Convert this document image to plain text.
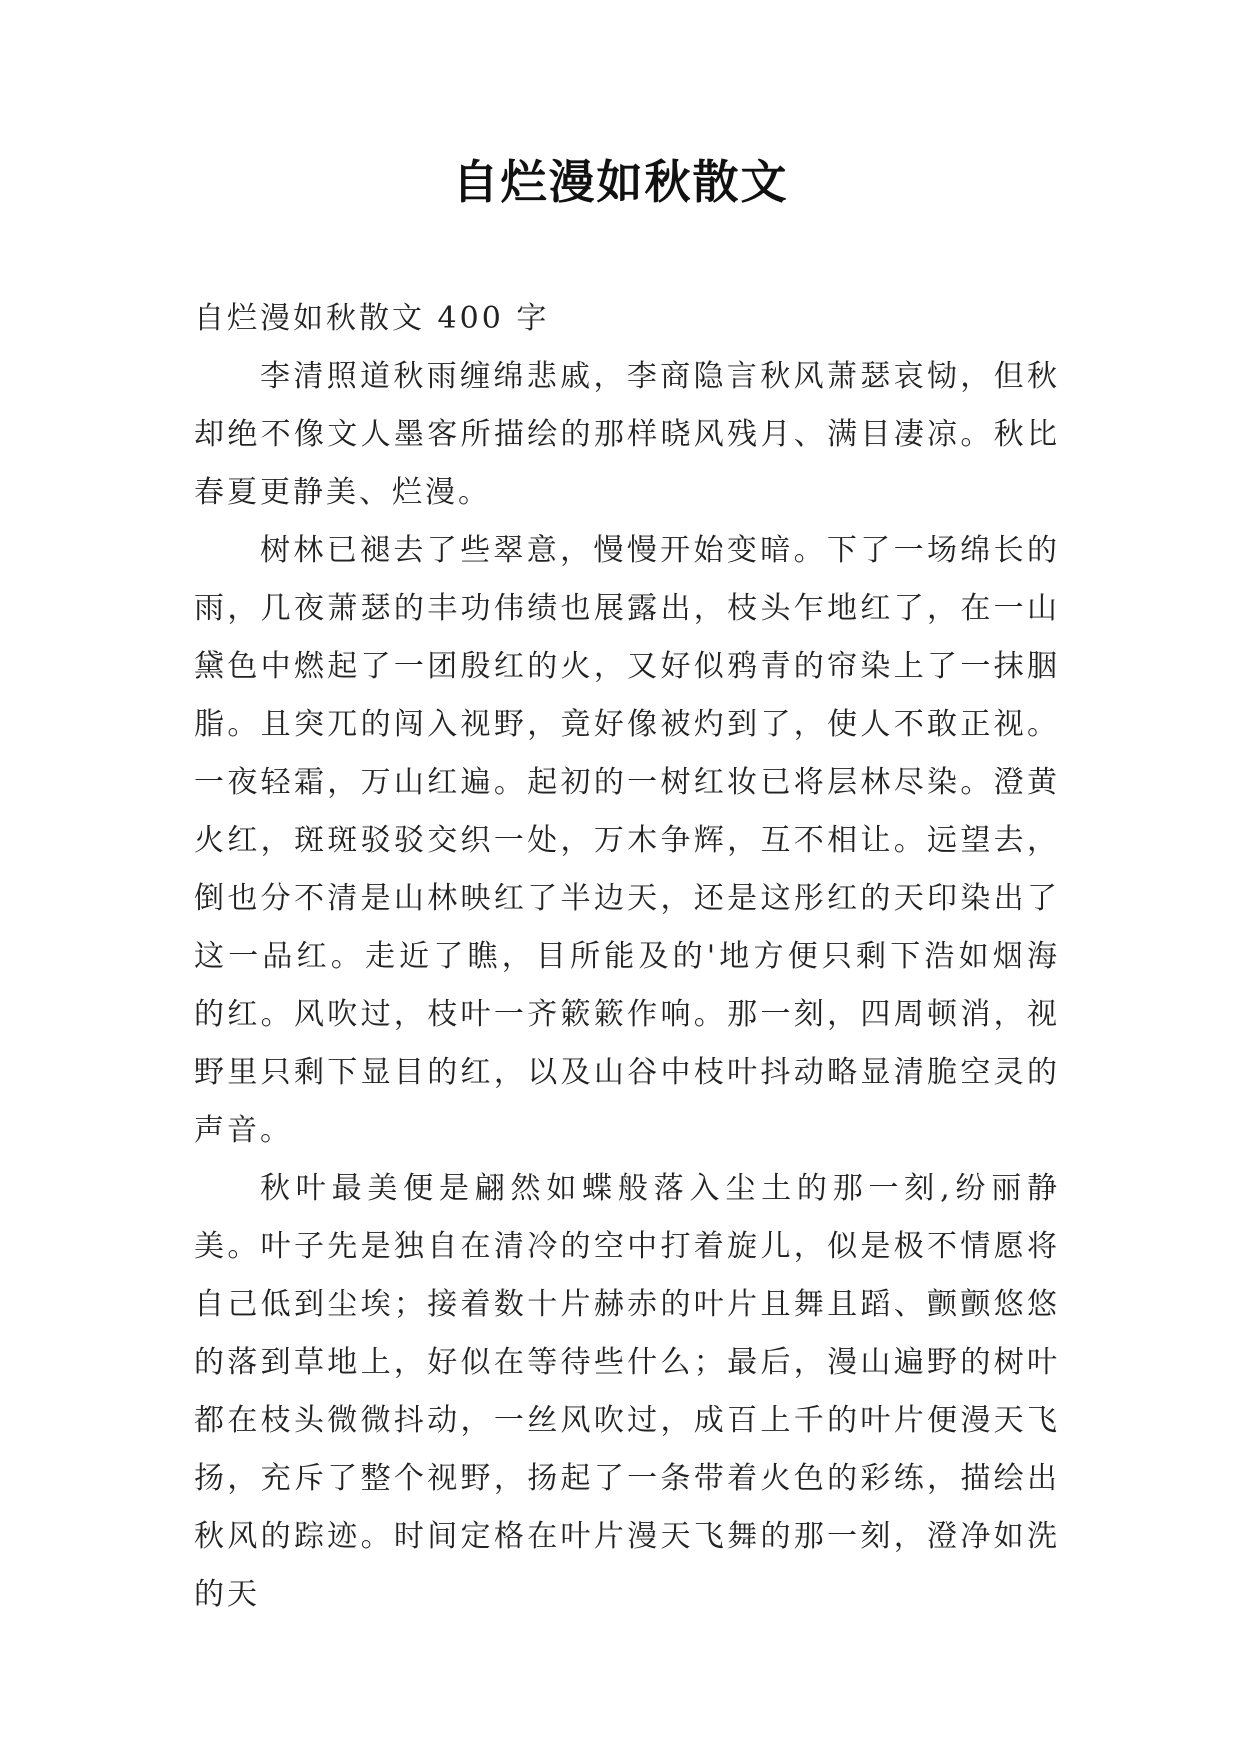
自烂漫如秋散文

自烂漫如秋散文 400 字

李清照道秋雨缠绵悲戚，李商隐言秋风萧瑟哀恸，但秋却绝不像文人墨客所描绘的那样晓风残月、满目凄凉。秋比春夏更静美、烂漫。

树林已褪去了些翠意，慢慢开始变暗。下了一场绵长的雨，几夜萧瑟的丰功伟绩也展露出，枝头乍地红了，在一山黛色中燃起了一团殷红的火，又好似鸦青的帘染上了一抹胭脂。且突兀的闯入视野，竟好像被灼到了，使人不敢正视。一夜轻霜，万山红遍。起初的一树红妆已将层林尽染。澄黄火红，斑斑驳驳交织一处，万木争辉，互不相让。远望去，倒也分不清是山林映红了半边天，还是这彤红的天印染出了这一品红。走近了瞧，目所能及的'地方便只剩下浩如烟海的红。风吹过，枝叶一齐簌簌作响。那一刻，四周顿消，视野里只剩下显目的红，以及山谷中枝叶抖动略显清脆空灵的声音。

秋叶最美便是翩然如蝶般落入尘土的那一刻,纷丽静美。叶子先是独自在清冷的空中打着旋儿，似是极不情愿将自己低到尘埃；接着数十片赫赤的叶片且舞且蹈、颤颤悠悠的落到草地上，好似在等待些什么；最后，漫山遍野的树叶都在枝头微微抖动，一丝风吹过，成百上千的叶片便漫天飞扬，充斥了整个视野，扬起了一条带着火色的彩练，描绘出秋风的踪迹。时间定格在叶片漫天飞舞的那一刻，澄净如洗的天
